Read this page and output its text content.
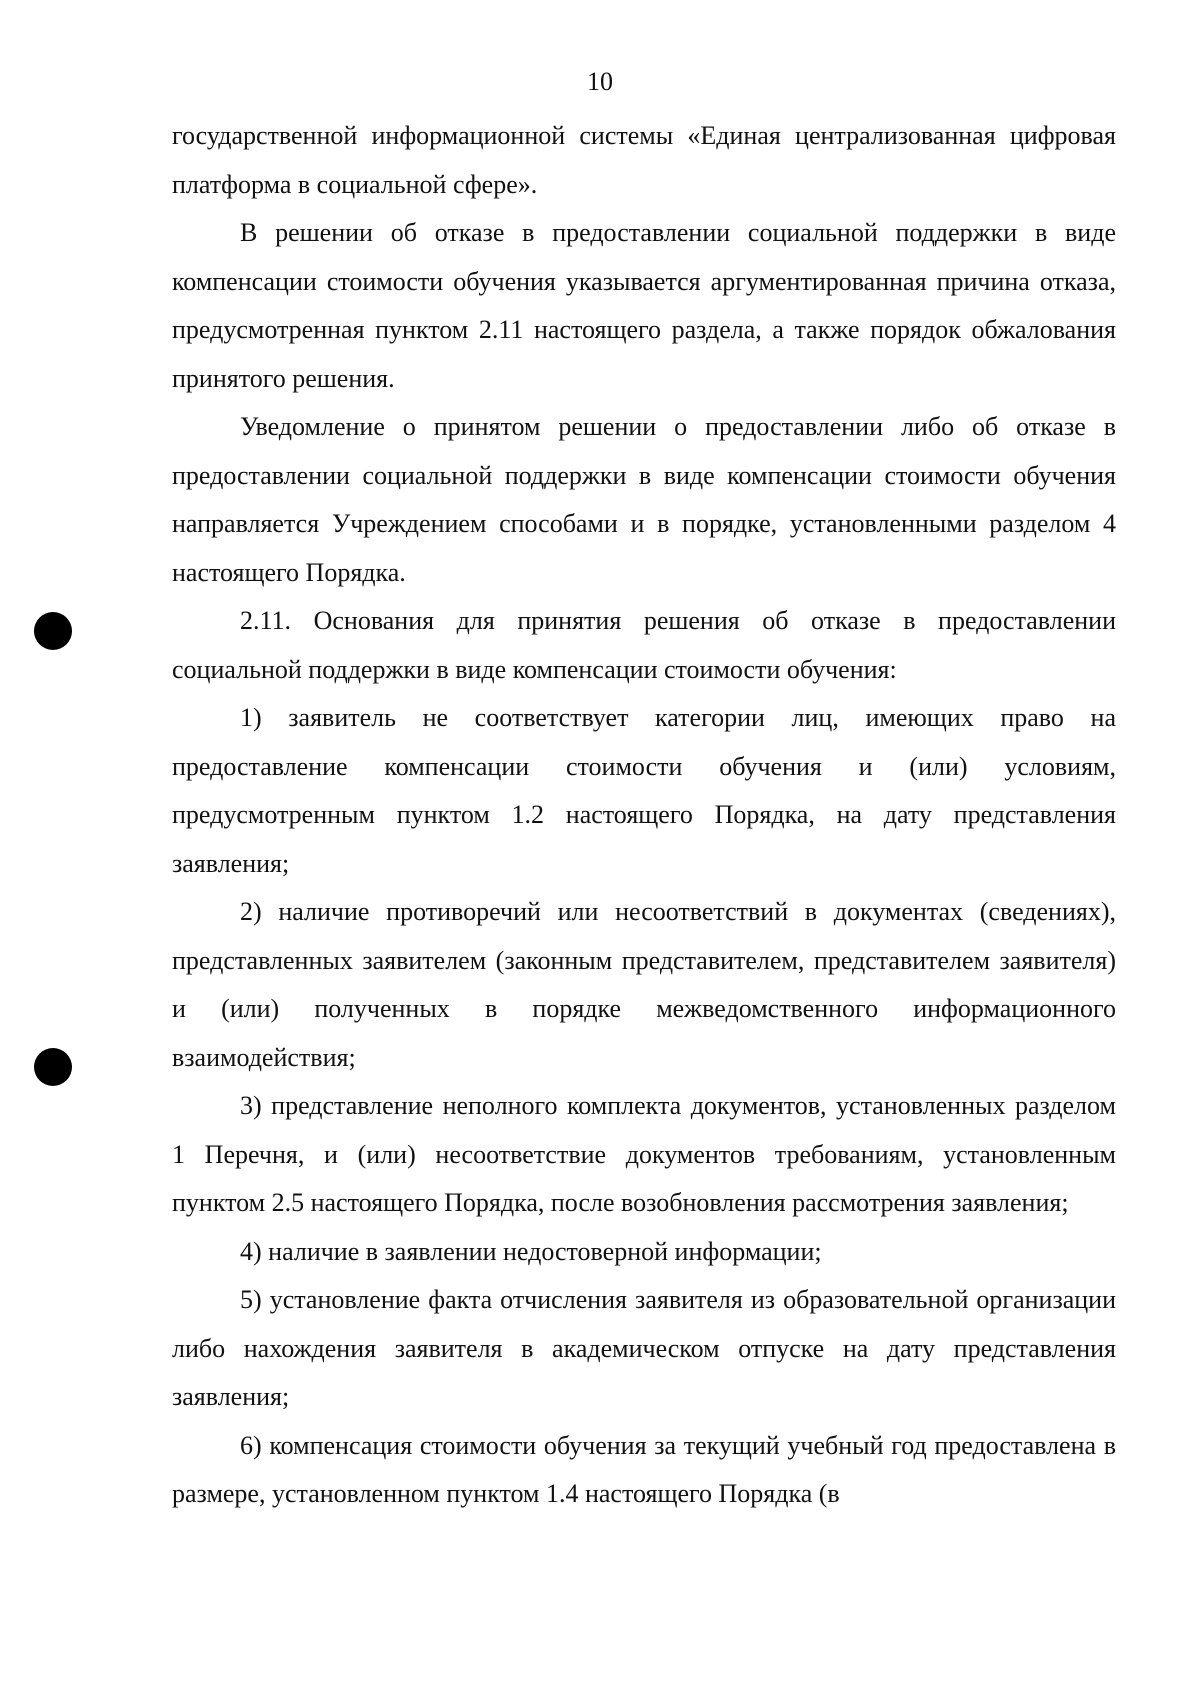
10

государственной информационной системы «Единая централизованная цифровая платформа в социальной сфере».

В решении об отказе в предоставлении социальной поддержки в виде компенсации стоимости обучения указывается аргументированная причина отказа, предусмотренная пунктом 2.11 настоящего раздела, а также порядок обжалования принятого решения.

Уведомление о принятом решении о предоставлении либо об отказе в предоставлении социальной поддержки в виде компенсации стоимости обучения направляется Учреждением способами и в порядке, установленными разделом 4 настоящего Порядка.

2.11. Основания для принятия решения об отказе в предоставлении социальной поддержки в виде компенсации стоимости обучения:

1) заявитель не соответствует категории лиц, имеющих право на предоставление компенсации стоимости обучения и (или) условиям, предусмотренным пунктом 1.2 настоящего Порядка, на дату представления заявления;

2) наличие противоречий или несоответствий в документах (сведениях), представленных заявителем (законным представителем, представителем заявителя) и (или) полученных в порядке межведомственного информационного взаимодействия;

3) представление неполного комплекта документов, установленных разделом 1 Перечня, и (или) несоответствие документов требованиям, установленным пунктом 2.5 настоящего Порядка, после возобновления рассмотрения заявления;

4) наличие в заявлении недостоверной информации;

5) установление факта отчисления заявителя из образовательной организации либо нахождения заявителя в академическом отпуске на дату представления заявления;

6) компенсация стоимости обучения за текущий учебный год предоставлена в размере, установленном пунктом 1.4 настоящего Порядка (в
